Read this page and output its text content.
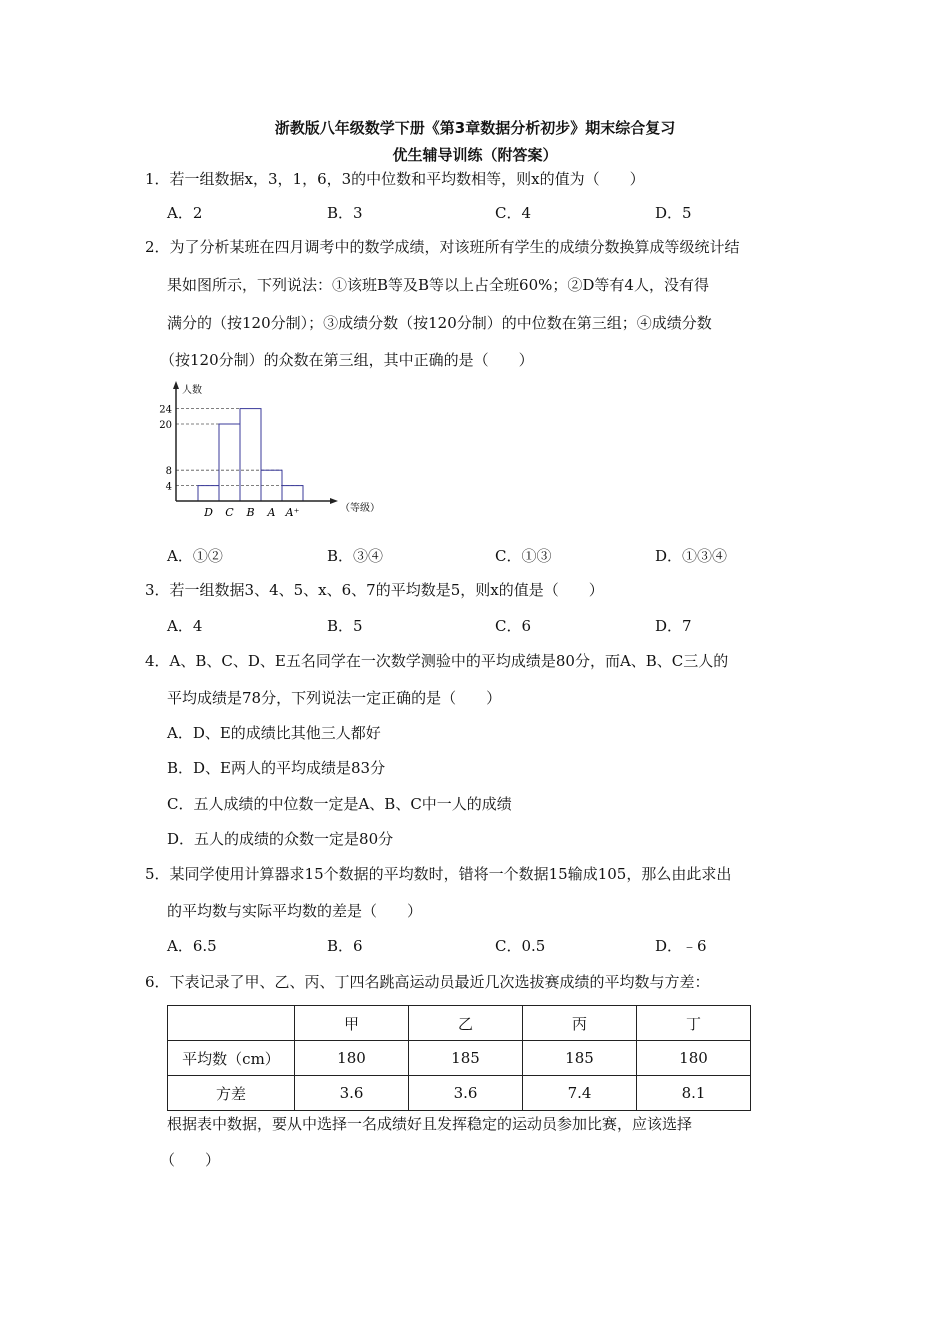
浙教版八年级数学下册《第3章数据分析初步》期末综合复习
优生辅导训练（附答案）
1．若一组数据x，3，1，6，3的中位数和平均数相等，则x的值为（　　）
A．2	B．3	C．4	D．5
2．为了分析某班在四月调考中的数学成绩，对该班所有学生的成绩分数换算成等级统计结
果如图所示，下列说法：①该班B等及B等以上占全班60%；②D等有4人，没有得
满分的（按120分制）；③成绩分数（按120分制）的中位数在第三组；④成绩分数
（按120分制）的众数在第三组，其中正确的是（　　）
4
8
20
24
D C B A A⁺
人数
（等级）
A．①②	B．③④	C．①③	D．①③④
3．若一组数据3、4、5、x、6、7的平均数是5，则x的值是（　　）
A．4	B．5	C．6	D．7
4．A、B、C、D、E五名同学在一次数学测验中的平均成绩是80分，而A、B、C三人的
平均成绩是78分，下列说法一定正确的是（　　）
A．D、E的成绩比其他三人都好
B．D、E两人的平均成绩是83分
C．五人成绩的中位数一定是A、B、C中一人的成绩
D．五人的成绩的众数一定是80分
5．某同学使用计算器求15个数据的平均数时，错将一个数据15输成105，那么由此求出
的平均数与实际平均数的差是（　　）
A．6.5	B．6	C．0.5	D．﹣6
6．下表记录了甲、乙、丙、丁四名跳高运动员最近几次选拔赛成绩的平均数与方差：
	甲	乙	丙	丁
平均数（cm）	180	185	185	180
方差	3.6	3.6	7.4	8.1
根据表中数据，要从中选择一名成绩好且发挥稳定的运动员参加比赛，应该选择
（　　）
